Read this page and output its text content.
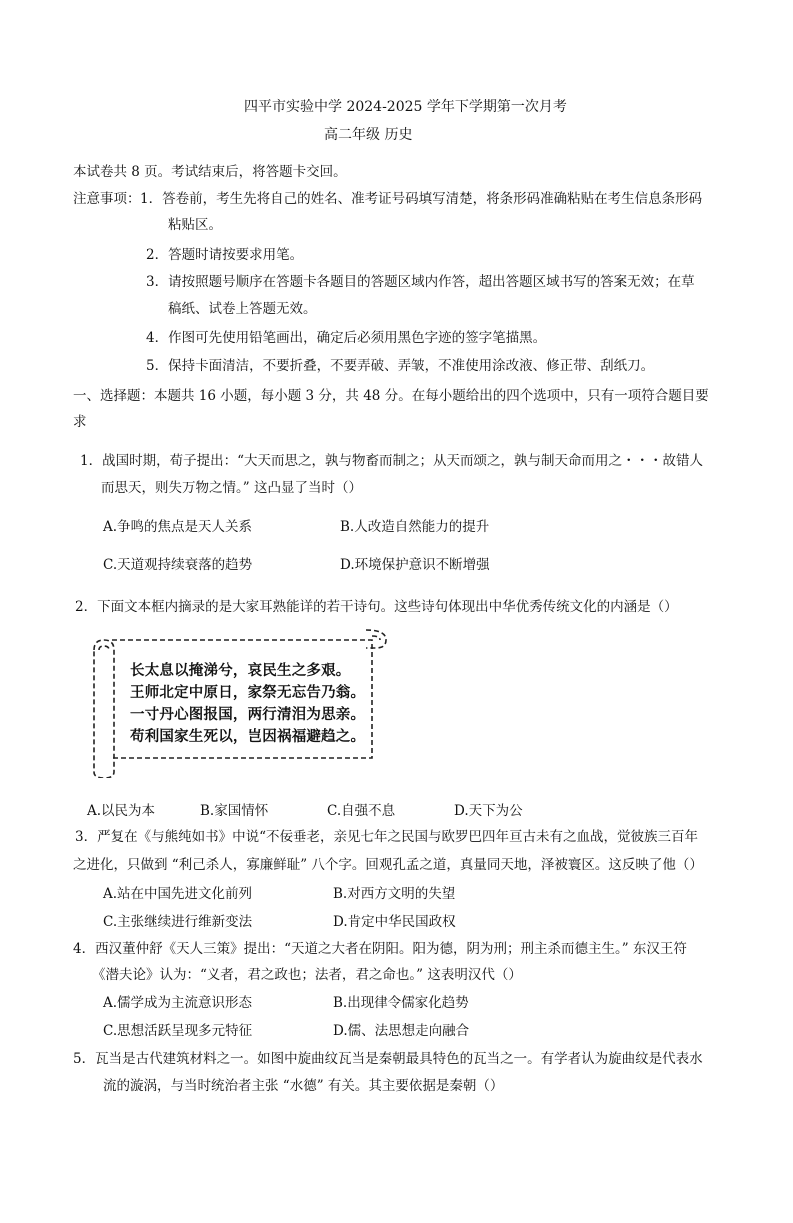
四平市实验中学 2024-2025 学年下学期第一次月考
高二年级 历史
本试卷共 8 页。考试结束后，将答题卡交回。
注意事项： 1．答卷前，考生先将自己的姓名、准考证号码填写清楚，将条形码准确粘贴在考生信息条形码
粘贴区。
2．答题时请按要求用笔。
3．请按照题号顺序在答题卡各题目的答题区域内作答，超出答题区域书写的答案无效；在草
稿纸、试卷上答题无效。
4．作图可先使用铅笔画出，确定后必须用黑色字迹的签字笔描黑。
5．保持卡面清洁，不要折叠，不要弄破、弄皱，不准使用涂改液、修正带、刮纸刀。
一、选择题：本题共 16 小题，每小题 3 分，共 48 分。在每小题给出的四个选项中，只有一项符合题目要
求
1．战国时期，荀子提出：“大天而思之，孰与物畜而制之；从天而颂之，孰与制天命而用之・・・故错人
而思天，则失万物之情。” 这凸显了当时（）
A.争鸣的焦点是天人关系	B.人改造自然能力的提升
C.天道观持续衰落的趋势	D.环境保护意识不断增强
2．下面文本框内摘录的是大家耳熟能详的若干诗句。这些诗句体现出中华优秀传统文化的内涵是（）
长太息以掩涕兮，哀民生之多艰。
王师北定中原日，家祭无忘告乃翁。
一寸丹心图报国，两行清泪为思亲。
苟利国家生死以，岂因祸福避趋之。
A.以民为本	B.家国情怀	C.自强不息	D.天下为公
3．严复在《与熊纯如书》中说“不佞垂老，亲见七年之民国与欧罗巴四年亘古未有之血战，觉彼族三百年
之进化，只做到 “利己杀人，寡廉鲜耻” 八个字。回观孔孟之道，真量同天地，泽被寰区。这反映了他（）
A.站在中国先进文化前列	B.对西方文明的失望
C.主张继续进行维新变法	D.肯定中华民国政权
4．西汉董仲舒《天人三策》提出：“天道之大者在阴阳。阳为德，阴为刑；刑主杀而德主生。” 东汉王符
《潜夫论》认为：“义者，君之政也；法者，君之命也。” 这表明汉代（）
A.儒学成为主流意识形态	B.出现律令儒家化趋势
C.思想活跃呈现多元特征	D.儒、法思想走向融合
5．瓦当是古代建筑材料之一。如图中旋曲纹瓦当是秦朝最具特色的瓦当之一。有学者认为旋曲纹是代表水
流的漩涡，与当时统治者主张 “水德” 有关。其主要依据是秦朝（）
